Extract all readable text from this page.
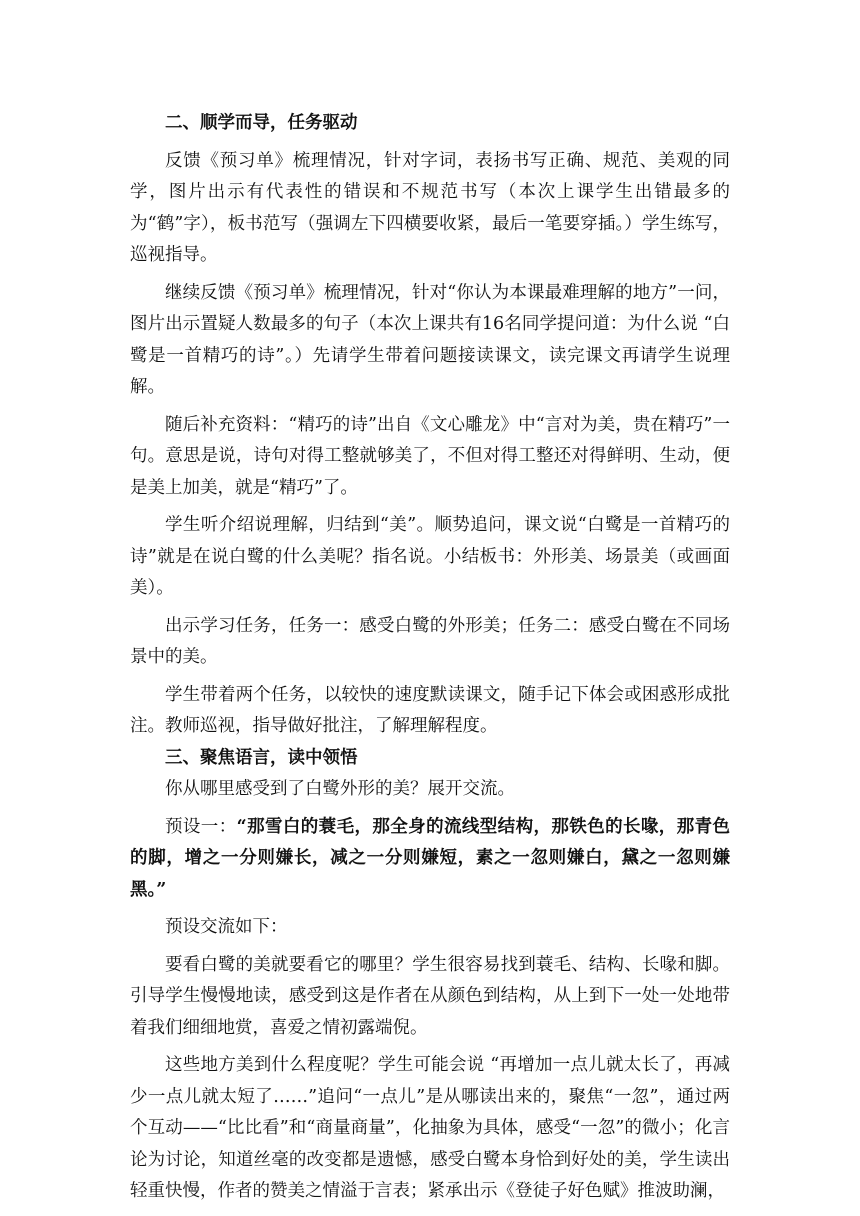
二、顺学而导，任务驱动

反馈《预习单》梳理情况，针对字词，表扬书写正确、规范、美观的同学，图片出示有代表性的错误和不规范书写（本次上课学生出错最多的为“鹤”字），板书范写（强调左下四横要收紧，最后一笔要穿插。）学生练写，巡视指导。

继续反馈《预习单》梳理情况，针对“你认为本课最难理解的地方”一问，图片出示置疑人数最多的句子（本次上课共有16名同学提问道：为什么说 “白鹭是一首精巧的诗”。）先请学生带着问题接读课文，读完课文再请学生说理解。

随后补充资料：“精巧的诗”出自《文心雕龙》中“言对为美，贵在精巧”一句。意思是说，诗句对得工整就够美了，不但对得工整还对得鲜明、生动，便是美上加美，就是“精巧”了。

学生听介绍说理解，归结到“美”。顺势追问，课文说“白鹭是一首精巧的诗”就是在说白鹭的什么美呢？指名说。小结板书：外形美、场景美（或画面美）。

出示学习任务，任务一：感受白鹭的外形美；任务二：感受白鹭在不同场景中的美。

学生带着两个任务，以较快的速度默读课文，随手记下体会或困惑形成批注。教师巡视，指导做好批注，了解理解程度。

三、聚焦语言，读中领悟

你从哪里感受到了白鹭外形的美？展开交流。

预设一：“那雪白的蓑毛，那全身的流线型结构，那铁色的长喙，那青色的脚，增之一分则嫌长，减之一分则嫌短，素之一忽则嫌白，黛之一忽则嫌黑。”

预设交流如下：

要看白鹭的美就要看它的哪里？学生很容易找到蓑毛、结构、长喙和脚。引导学生慢慢地读，感受到这是作者在从颜色到结构，从上到下一处一处地带着我们细细地赏，喜爱之情初露端倪。

这些地方美到什么程度呢？学生可能会说 “再增加一点儿就太长了，再减少一点儿就太短了……”追问“一点儿”是从哪读出来的，聚焦“一忽”，通过两个互动——“比比看”和“商量商量”，化抽象为具体，感受“一忽”的微小；化言论为讨论，知道丝毫的改变都是遗憾，感受白鹭本身恰到好处的美，学生读出轻重快慢，作者的赞美之情溢于言表；紧承出示《登徒子好色赋》推波助澜，
